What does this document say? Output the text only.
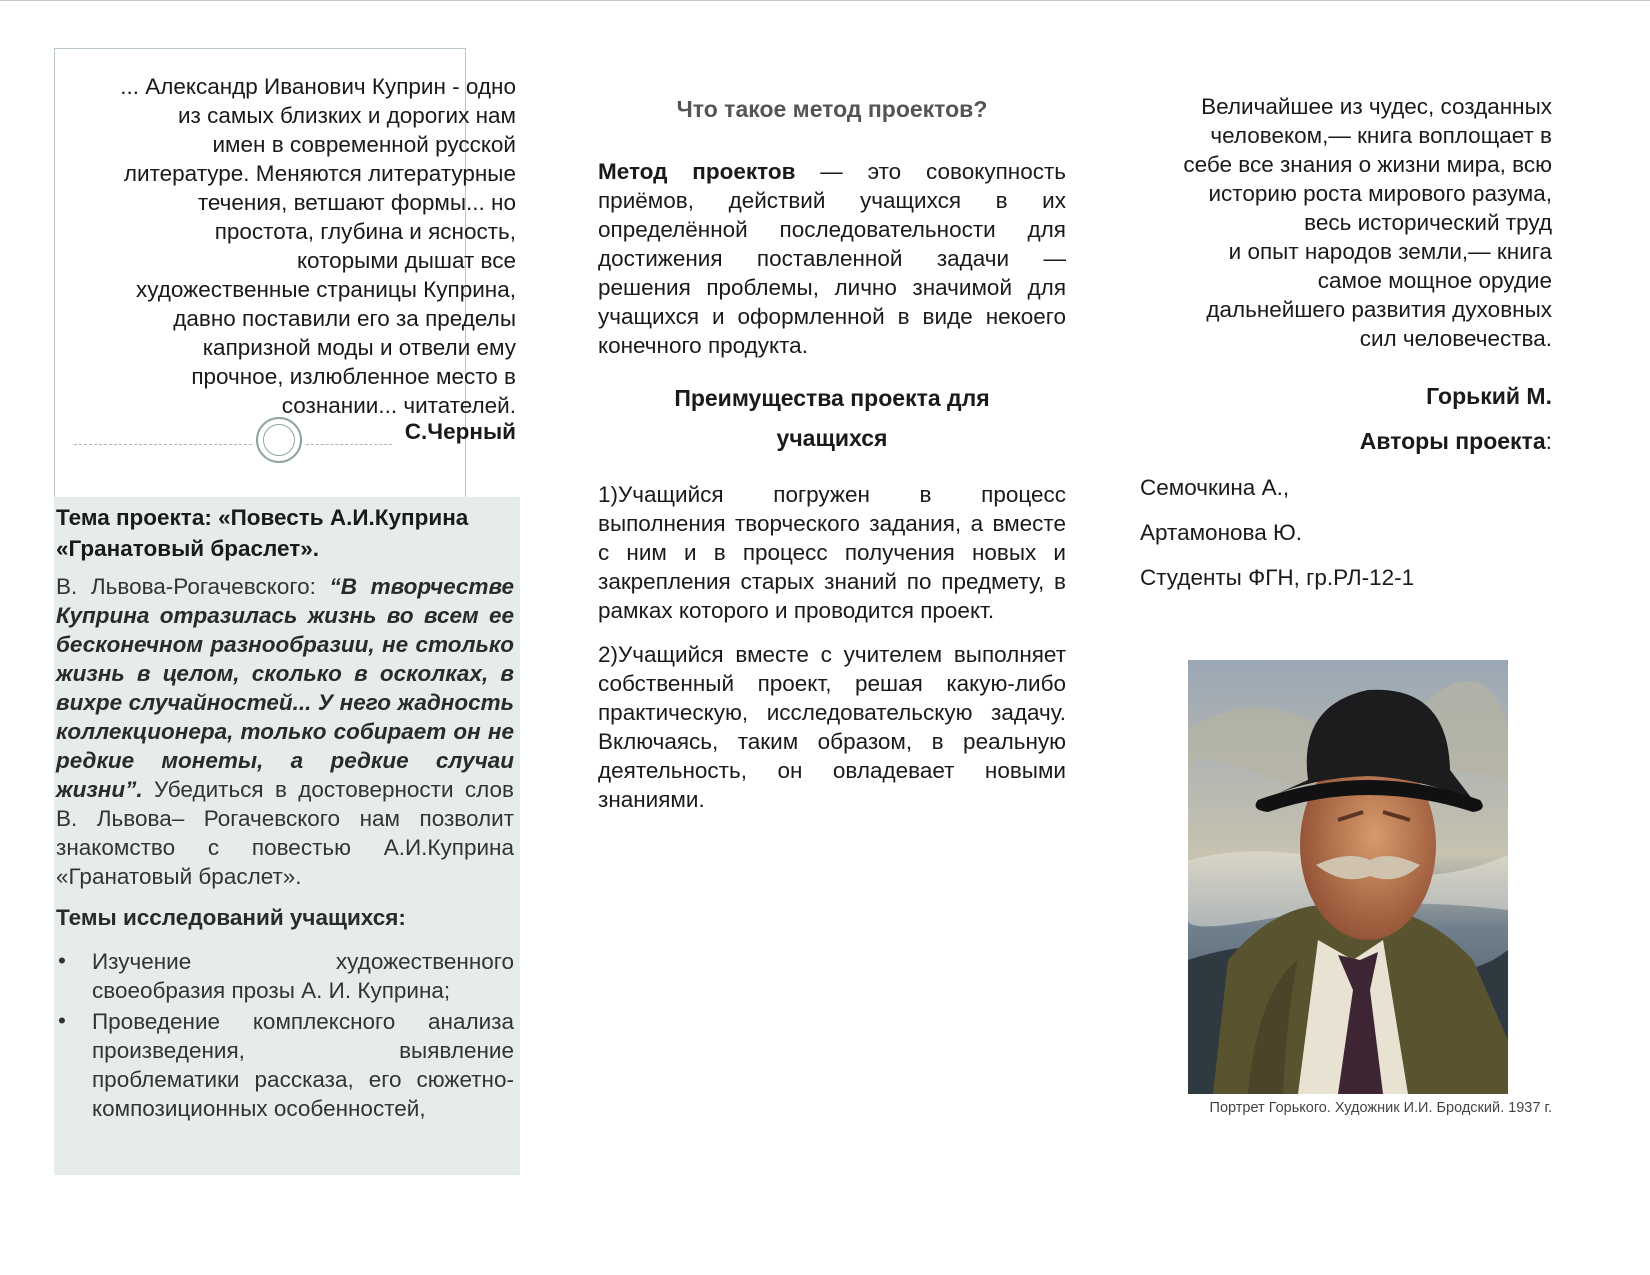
... Александр Иванович Куприн - одно
из самых близких и дорогих нам
имен в современной русской
литературе. Меняются литературные
течения, ветшают формы... но
простота, глубина и ясность,
которыми дышат все
художественные страницы Куприна,
давно поставили его за пределы
капризной моды и отвели ему
прочное, излюбленное место в
сознании... читателей.
С.Черный

Тема проекта: «Повесть А.И.Куприна «Гранатовый браслет».

В. Львова-Рогачевского: “В творчестве Куприна отразилась жизнь во всем ее бесконечном разнообразии, не столько жизнь в целом, сколько в осколках, в вихре случайностей... У него жадность коллекционера, только собирает он не редкие монеты, а редкие случаи жизни”. Убедиться в достоверности слов В. Львова– Рогачевского нам позволит знакомство с повестью А.И.Куприна «Гранатовый браслет».

Темы исследований учащихся:
• Изучение художественного своеобразия прозы А. И. Куприна;
• Проведение комплексного анализа произведения, выявление проблематики рассказа, его сюжетно-композиционных особенностей,
Что такое метод проектов?

Метод проектов — это совокупность приёмов, действий учащихся в их определённой последовательности для достижения поставленной задачи — решения проблемы, лично значимой для учащихся и оформленной в виде некоего конечного продукта.

Преимущества проекта для
учащихся

1)Учащийся погружен в процесс выполнения творческого задания, а вместе с ним и в процесс получения новых и закрепления старых знаний по предмету, в рамках которого и проводится проект.

2)Учащийся вместе с учителем выполняет собственный проект, решая какую-либо практическую, исследовательскую задачу. Включаясь, таким образом, в реальную деятельность, он овладевает новыми знаниями.

Величайшее из чудес, созданных
человеком,— книга воплощает в
себе все знания о жизни мира, всю
историю роста мирового разума,
весь исторический труд
и опыт народов земли,— книга
самое мощное орудие
дальнейшего развития духовных
сил человечества.
Горький М.
Авторы проекта:
Семочкина А.,
Артамонова Ю.
Студенты ФГН, гр.РЛ-12-1
Портрет Горького. Художник И.И. Бродский. 1937 г.
